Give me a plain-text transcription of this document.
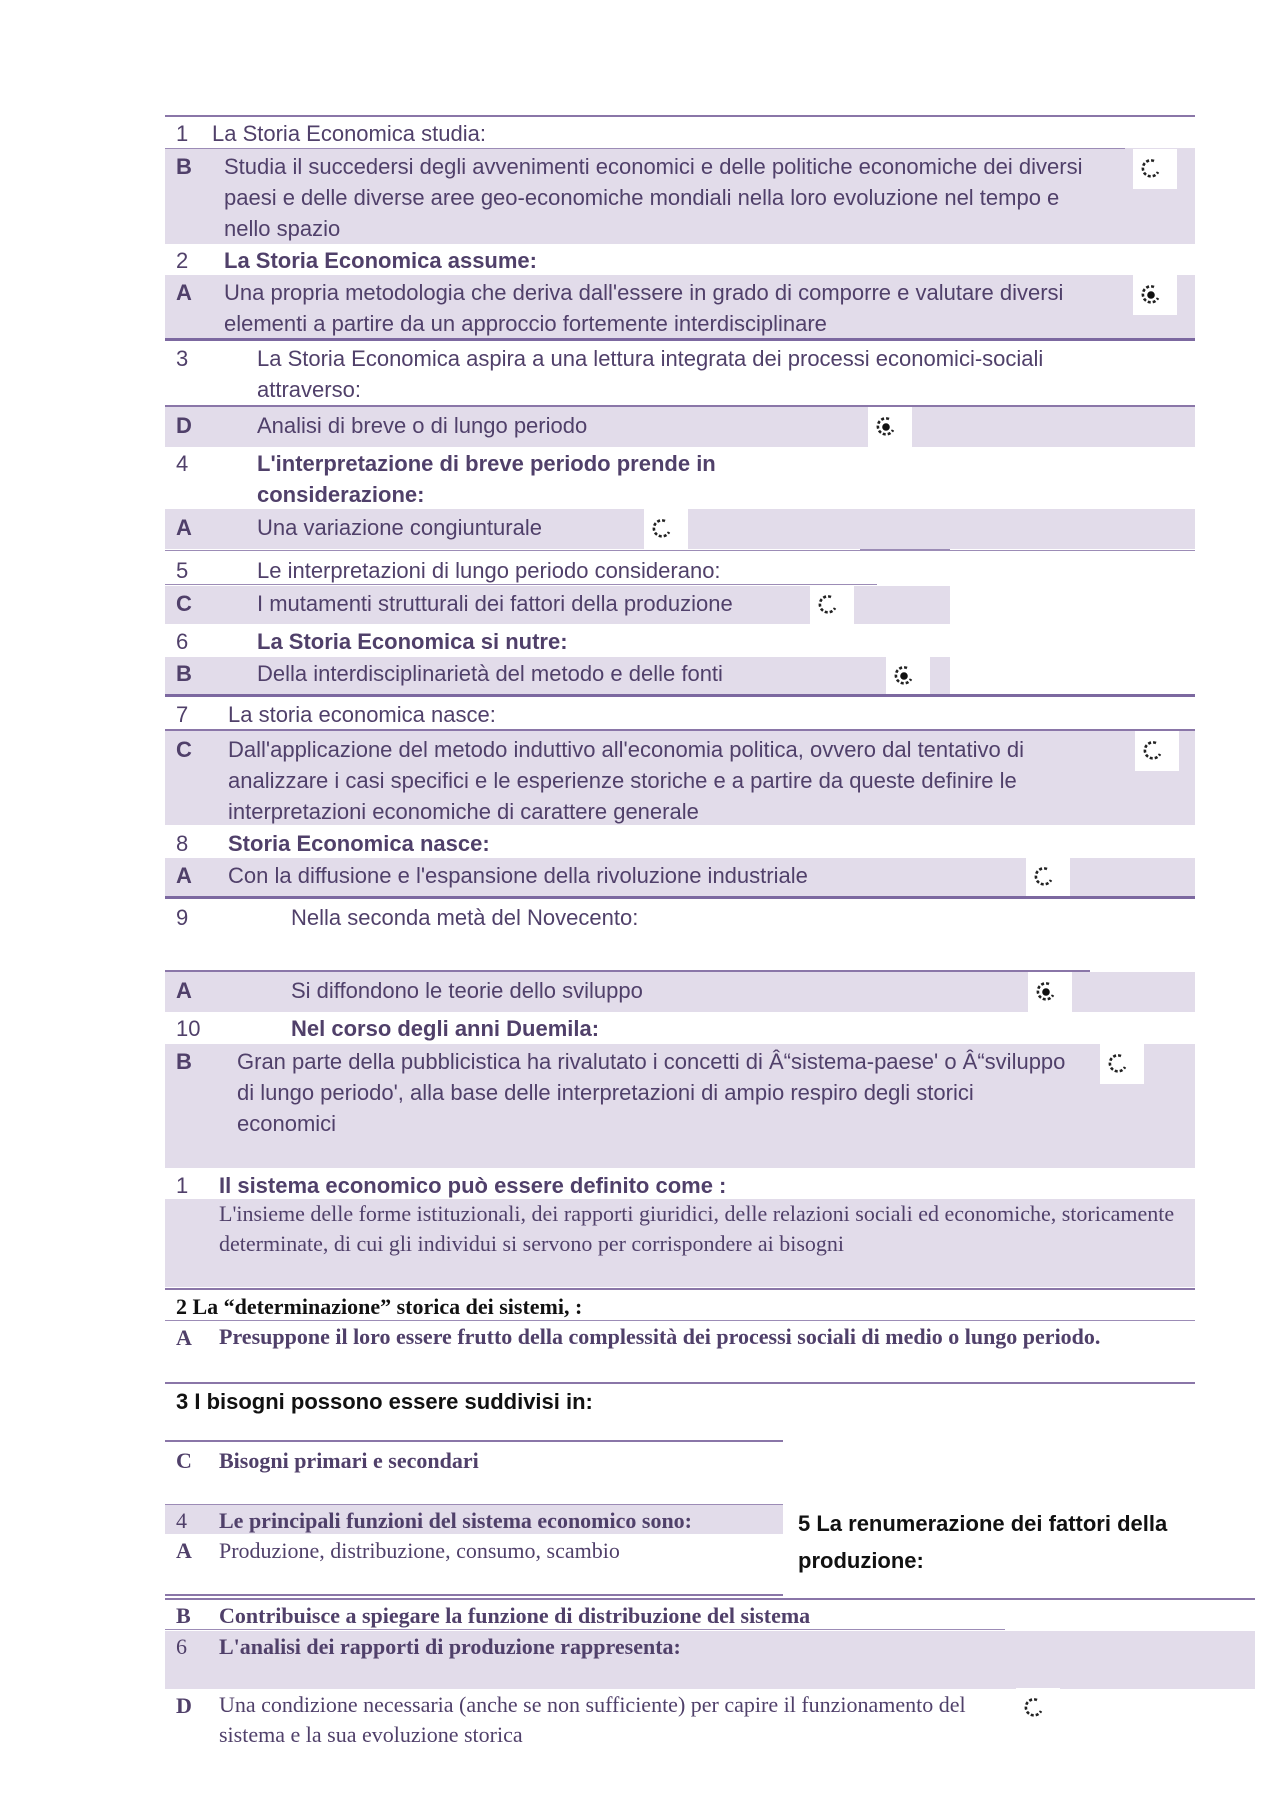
1 La Storia Economica studia:
B Studia il succedersi degli avvenimenti economici e delle politiche economiche dei diversi paesi e delle diverse aree geo-economiche mondiali nella loro evoluzione nel tempo e nello spazio
2 La Storia Economica assume:
A Una propria metodologia che deriva dall'essere in grado di comporre e valutare diversi elementi a partire da un approccio fortemente interdisciplinare
3	La Storia Economica aspira a una lettura integrata dei processi economici-sociali attraverso:
D	Analisi di breve o di lungo periodo
4	L'interpretazione di breve periodo prende in considerazione:
A	Una variazione congiunturale
5	Le interpretazioni di lungo periodo considerano:
C	I mutamenti strutturali dei fattori della produzione
6	La Storia Economica si nutre:
B	Della interdisciplinarietà del metodo e delle fonti
7 La storia economica nasce:
C Dall'applicazione del metodo induttivo all'economia politica, ovvero dal tentativo di analizzare i casi specifici e le esperienze storiche e a partire da queste definire le interpretazioni economiche di carattere generale
8 Storia Economica nasce:
A Con la diffusione e l'espansione della rivoluzione industriale
9	Nella seconda metà del Novecento:
A	Si diffondono le teorie dello sviluppo
10	Nel corso degli anni Duemila:
B Gran parte della pubblicistica ha rivalutato i concetti di Â“sistema-paese' o Â“sviluppo di lungo periodo', alla base delle interpretazioni di ampio respiro degli storici economici
1 Il sistema economico può essere definito come :
L'insieme delle forme istituzionali, dei rapporti giuridici, delle relazioni sociali ed economiche, storicamente determinate, di cui gli individui si servono per corrispondere ai bisogni
2 La “determinazione” storica dei sistemi, :
A Presuppone il loro essere frutto della complessità dei processi sociali di medio o lungo periodo.
3 I bisogni possono essere suddivisi in:
C Bisogni primari e secondari
4 Le principali funzioni del sistema economico sono:
A Produzione, distribuzione, consumo, scambio
5 La renumerazione dei fattori della produzione:
B Contribuisce a spiegare la funzione di distribuzione del sistema
6 L'analisi dei rapporti di produzione rappresenta:
D Una condizione necessaria (anche se non sufficiente) per capire il funzionamento del sistema e la sua evoluzione storica
